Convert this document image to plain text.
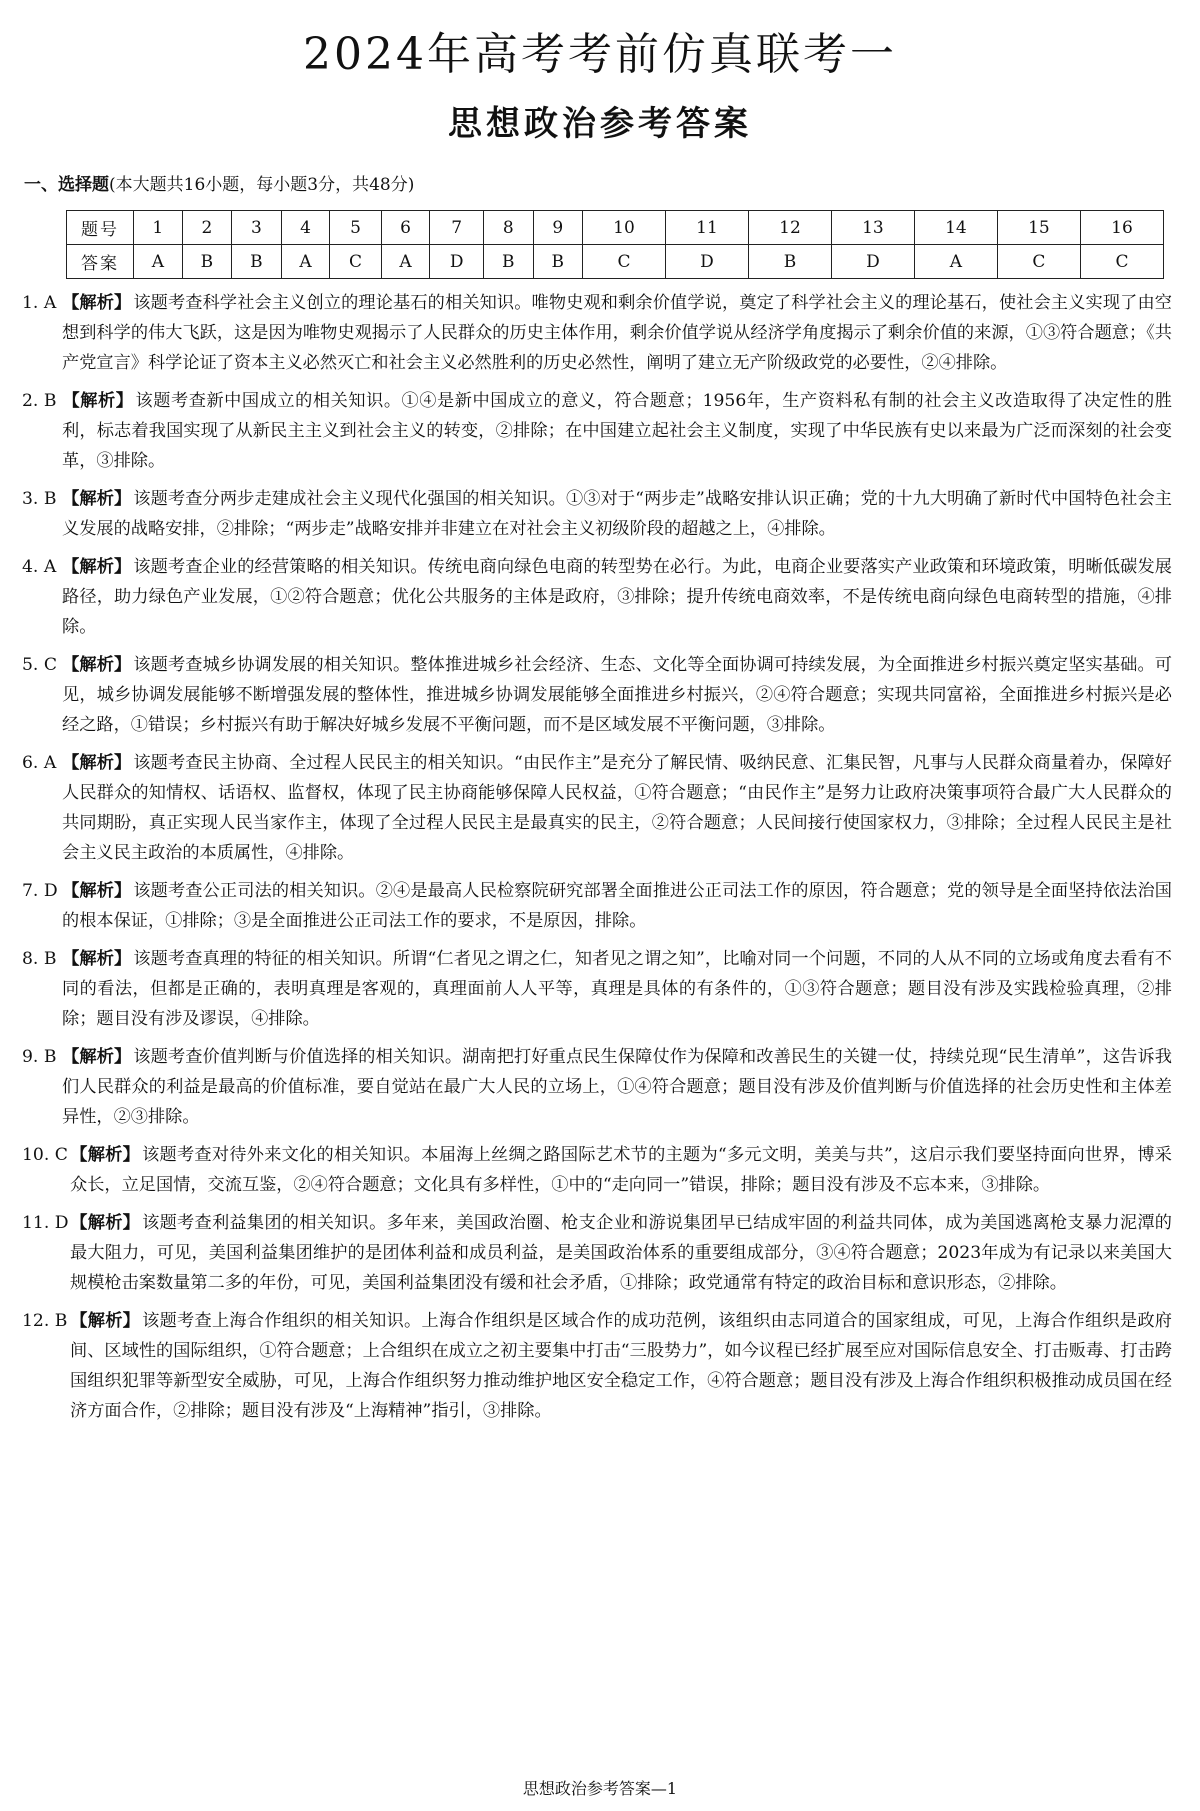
2024年高考考前仿真联考一
思想政治参考答案
一、选择题(本大题共16小题，每小题3分，共48分)
题号	1	2	3	4	5	6	7	8	9	10	11	12	13	14	15	16
答案	A	B	B	A	C	A	D	B	B	C	D	B	D	A	C	C
1. A 【解析】 该题考查科学社会主义创立的理论基石的相关知识。唯物史观和剩余价值学说，奠定了科学社会主义的理论基石，使社会主义实现了由空想到科学的伟大飞跃，这是因为唯物史观揭示了人民群众的历史主体作用，剩余价值学说从经济学角度揭示了剩余价值的来源，①③符合题意；《共产党宣言》科学论证了资本主义必然灭亡和社会主义必然胜利的历史必然性，阐明了建立无产阶级政党的必要性，②④排除。
2. B 【解析】 该题考查新中国成立的相关知识。①④是新中国成立的意义，符合题意；1956年，生产资料私有制的社会主义改造取得了决定性的胜利，标志着我国实现了从新民主主义到社会主义的转变，②排除；在中国建立起社会主义制度，实现了中华民族有史以来最为广泛而深刻的社会变革，③排除。
3. B 【解析】 该题考查分两步走建成社会主义现代化强国的相关知识。①③对于“两步走”战略安排认识正确；党的十九大明确了新时代中国特色社会主义发展的战略安排，②排除；“两步走”战略安排并非建立在对社会主义初级阶段的超越之上，④排除。
4. A 【解析】 该题考查企业的经营策略的相关知识。传统电商向绿色电商的转型势在必行。为此，电商企业要落实产业政策和环境政策，明晰低碳发展路径，助力绿色产业发展，①②符合题意；优化公共服务的主体是政府，③排除；提升传统电商效率，不是传统电商向绿色电商转型的措施，④排除。
5. C 【解析】 该题考查城乡协调发展的相关知识。整体推进城乡社会经济、生态、文化等全面协调可持续发展，为全面推进乡村振兴奠定坚实基础。可见，城乡协调发展能够不断增强发展的整体性，推进城乡协调发展能够全面推进乡村振兴，②④符合题意；实现共同富裕，全面推进乡村振兴是必经之路，①错误；乡村振兴有助于解决好城乡发展不平衡问题，而不是区域发展不平衡问题，③排除。
6. A 【解析】 该题考查民主协商、全过程人民民主的相关知识。“由民作主”是充分了解民情、吸纳民意、汇集民智，凡事与人民群众商量着办，保障好人民群众的知情权、话语权、监督权，体现了民主协商能够保障人民权益，①符合题意；“由民作主”是努力让政府决策事项符合最广大人民群众的共同期盼，真正实现人民当家作主，体现了全过程人民民主是最真实的民主，②符合题意；人民间接行使国家权力，③排除；全过程人民民主是社会主义民主政治的本质属性，④排除。
7. D 【解析】 该题考查公正司法的相关知识。②④是最高人民检察院研究部署全面推进公正司法工作的原因，符合题意；党的领导是全面坚持依法治国的根本保证，①排除；③是全面推进公正司法工作的要求，不是原因，排除。
8. B 【解析】 该题考查真理的特征的相关知识。所谓“仁者见之谓之仁，知者见之谓之知”，比喻对同一个问题，不同的人从不同的立场或角度去看有不同的看法，但都是正确的，表明真理是客观的，真理面前人人平等，真理是具体的有条件的，①③符合题意；题目没有涉及实践检验真理，②排除；题目没有涉及谬误，④排除。
9. B 【解析】 该题考查价值判断与价值选择的相关知识。湖南把打好重点民生保障仗作为保障和改善民生的关键一仗，持续兑现“民生清单”，这告诉我们人民群众的利益是最高的价值标准，要自觉站在最广大人民的立场上，①④符合题意；题目没有涉及价值判断与价值选择的社会历史性和主体差异性，②③排除。
10. C 【解析】 该题考查对待外来文化的相关知识。本届海上丝绸之路国际艺术节的主题为“多元文明，美美与共”，这启示我们要坚持面向世界，博采众长，立足国情，交流互鉴，②④符合题意；文化具有多样性，①中的“走向同一”错误，排除；题目没有涉及不忘本来，③排除。
11. D【解析】 该题考查利益集团的相关知识。多年来，美国政治圈、枪支企业和游说集团早已结成牢固的利益共同体，成为美国逃离枪支暴力泥潭的最大阻力，可见，美国利益集团维护的是团体利益和成员利益，是美国政治体系的重要组成部分，③④符合题意；2023年成为有记录以来美国大规模枪击案数量第二多的年份，可见，美国利益集团没有缓和社会矛盾，①排除；政党通常有特定的政治目标和意识形态，②排除。
12. B 【解析】 该题考查上海合作组织的相关知识。上海合作组织是区域合作的成功范例，该组织由志同道合的国家组成，可见，上海合作组织是政府间、区域性的国际组织，①符合题意；上合组织在成立之初主要集中打击“三股势力”，如今议程已经扩展至应对国际信息安全、打击贩毒、打击跨国组织犯罪等新型安全威胁，可见，上海合作组织努力推动维护地区安全稳定工作，④符合题意；题目没有涉及上海合作组织积极推动成员国在经济方面合作，②排除；题目没有涉及“上海精神”指引，③排除。
思想政治参考答案—1
